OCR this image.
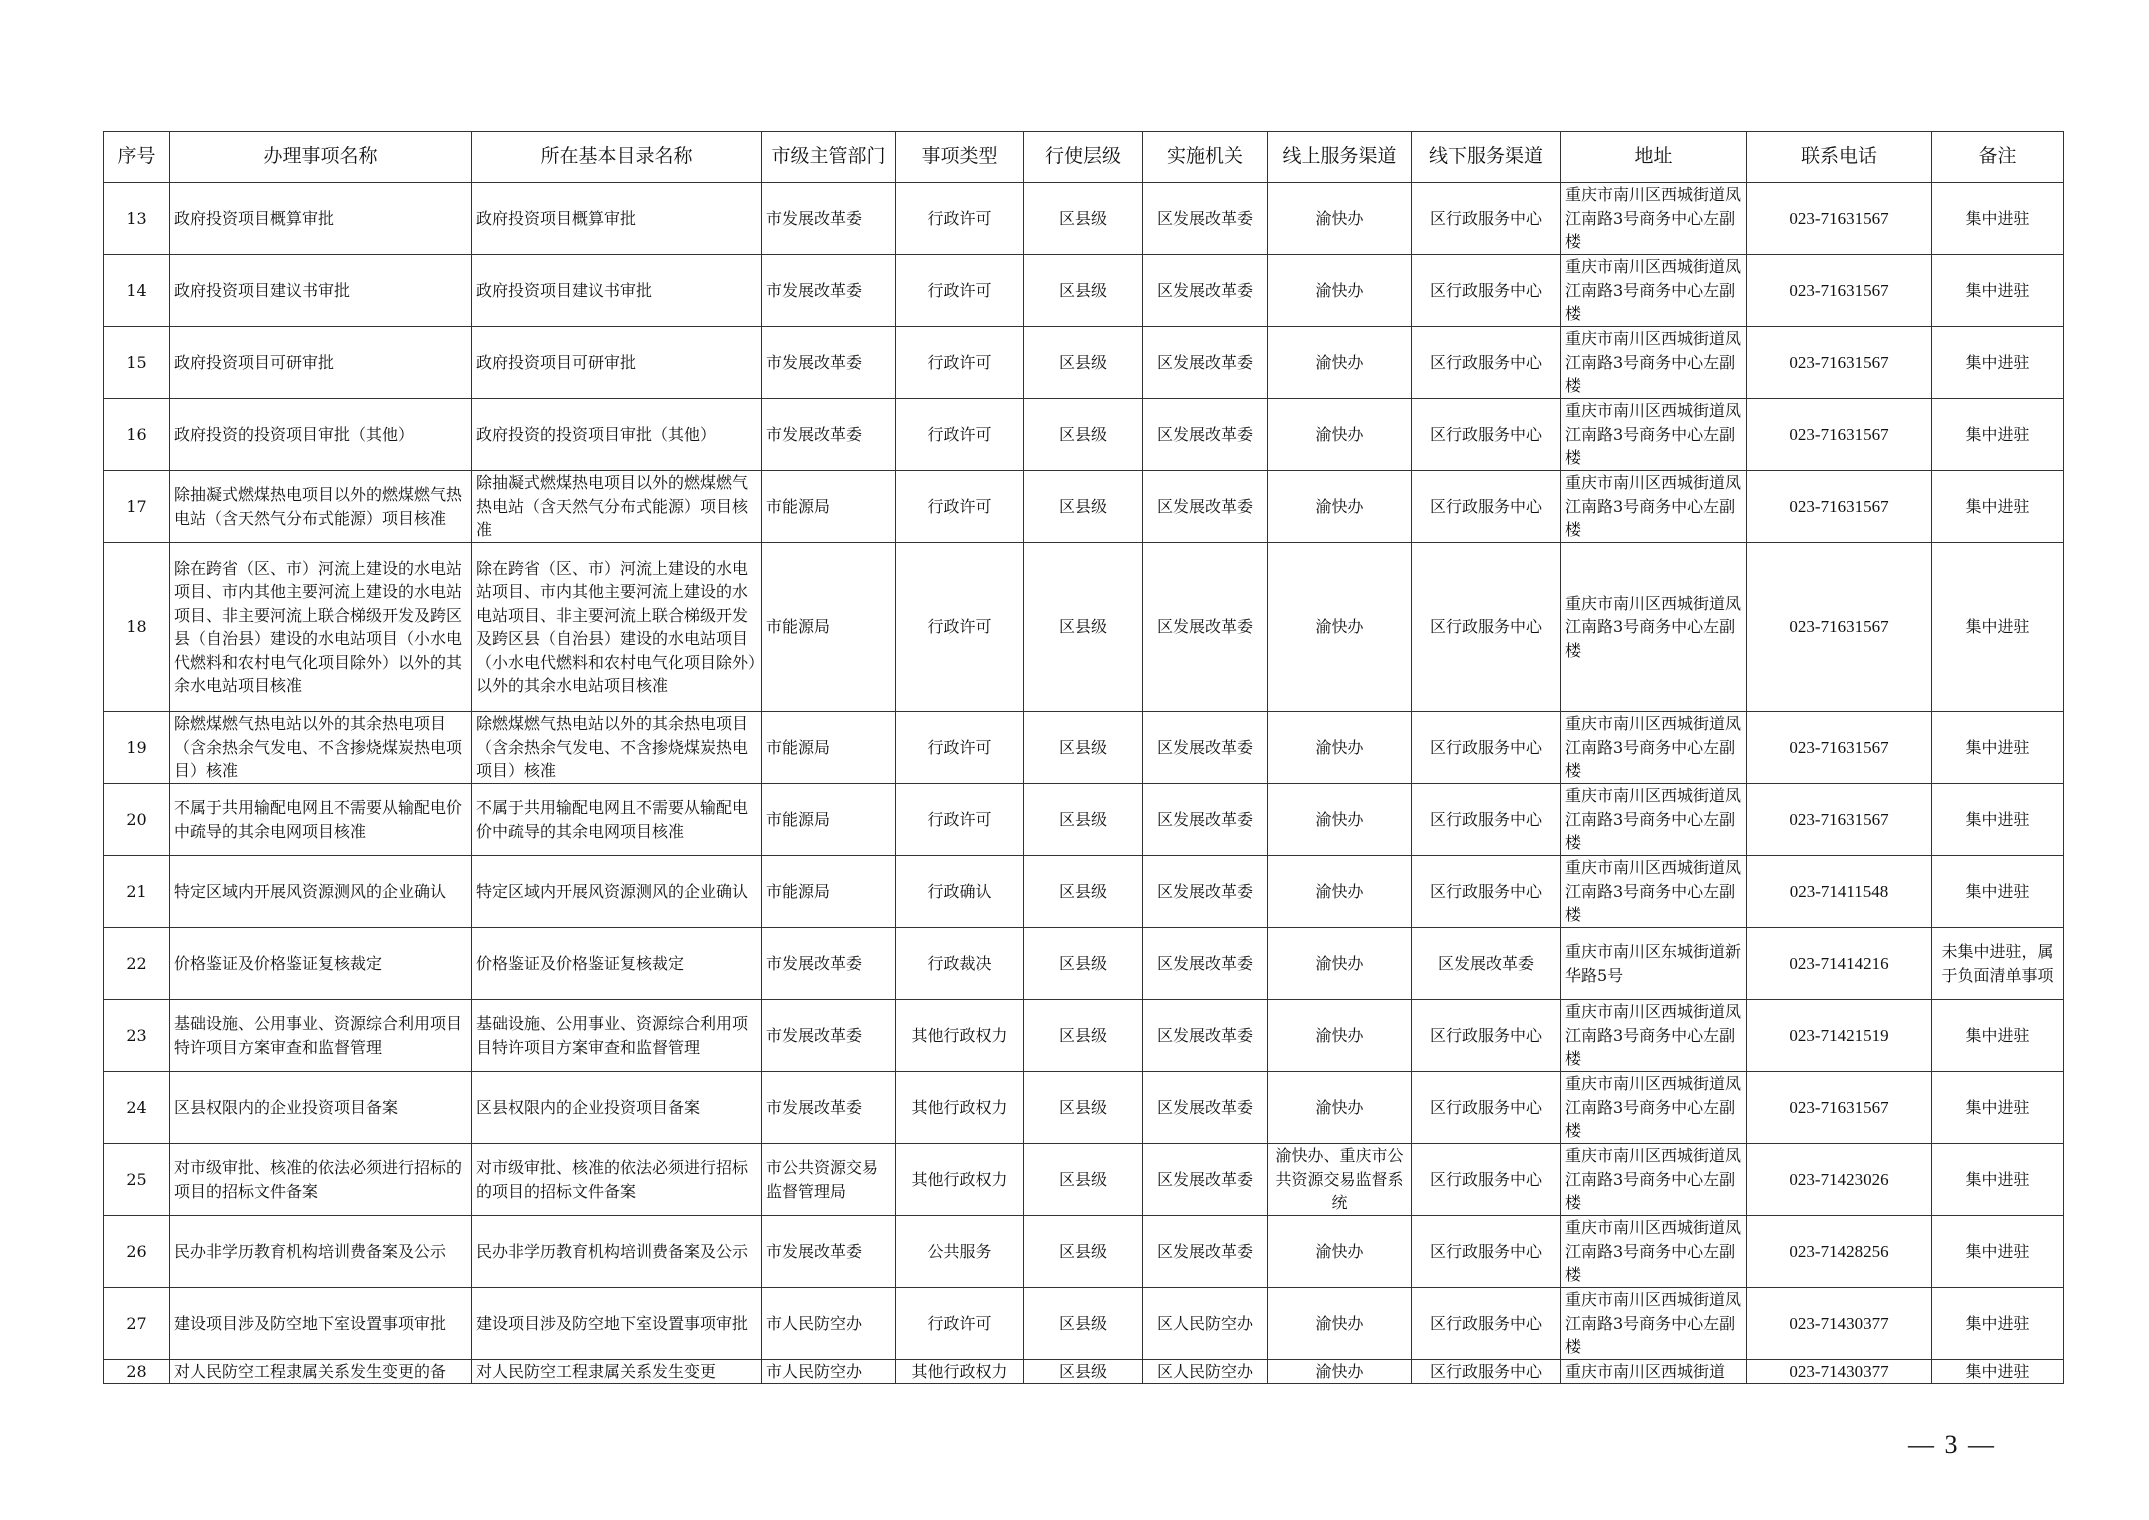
序号	办理事项名称	所在基本目录名称	市级主管部门	事项类型	行使层级	实施机关	线上服务渠道	线下服务渠道	地址	联系电话	备注
13	政府投资项目概算审批	政府投资项目概算审批	市发展改革委	行政许可	区县级	区发展改革委	渝快办	区行政服务中心	重庆市南川区西城街道凤江南路3号商务中心左副楼	023-71631567	集中进驻
14	政府投资项目建议书审批	政府投资项目建议书审批	市发展改革委	行政许可	区县级	区发展改革委	渝快办	区行政服务中心	重庆市南川区西城街道凤江南路3号商务中心左副楼	023-71631567	集中进驻
15	政府投资项目可研审批	政府投资项目可研审批	市发展改革委	行政许可	区县级	区发展改革委	渝快办	区行政服务中心	重庆市南川区西城街道凤江南路3号商务中心左副楼	023-71631567	集中进驻
16	政府投资的投资项目审批（其他）	政府投资的投资项目审批（其他）	市发展改革委	行政许可	区县级	区发展改革委	渝快办	区行政服务中心	重庆市南川区西城街道凤江南路3号商务中心左副楼	023-71631567	集中进驻
17	除抽凝式燃煤热电项目以外的燃煤燃气热电站（含天然气分布式能源）项目核准	除抽凝式燃煤热电项目以外的燃煤燃气热电站（含天然气分布式能源）项目核准	市能源局	行政许可	区县级	区发展改革委	渝快办	区行政服务中心	重庆市南川区西城街道凤江南路3号商务中心左副楼	023-71631567	集中进驻
18	除在跨省（区、市）河流上建设的水电站项目、市内其他主要河流上建设的水电站项目、非主要河流上联合梯级开发及跨区县（自治县）建设的水电站项目（小水电代燃料和农村电气化项目除外）以外的其余水电站项目核准	除在跨省（区、市）河流上建设的水电站项目、市内其他主要河流上建设的水电站项目、非主要河流上联合梯级开发及跨区县（自治县）建设的水电站项目（小水电代燃料和农村电气化项目除外）以外的其余水电站项目核准	市能源局	行政许可	区县级	区发展改革委	渝快办	区行政服务中心	重庆市南川区西城街道凤江南路3号商务中心左副楼	023-71631567	集中进驻
19	除燃煤燃气热电站以外的其余热电项目（含余热余气发电、不含掺烧煤炭热电项目）核准	除燃煤燃气热电站以外的其余热电项目（含余热余气发电、不含掺烧煤炭热电项目）核准	市能源局	行政许可	区县级	区发展改革委	渝快办	区行政服务中心	重庆市南川区西城街道凤江南路3号商务中心左副楼	023-71631567	集中进驻
20	不属于共用输配电网且不需要从输配电价中疏导的其余电网项目核准	不属于共用输配电网且不需要从输配电价中疏导的其余电网项目核准	市能源局	行政许可	区县级	区发展改革委	渝快办	区行政服务中心	重庆市南川区西城街道凤江南路3号商务中心左副楼	023-71631567	集中进驻
21	特定区域内开展风资源测风的企业确认	特定区域内开展风资源测风的企业确认	市能源局	行政确认	区县级	区发展改革委	渝快办	区行政服务中心	重庆市南川区西城街道凤江南路3号商务中心左副楼	023-71411548	集中进驻
22	价格鉴证及价格鉴证复核裁定	价格鉴证及价格鉴证复核裁定	市发展改革委	行政裁决	区县级	区发展改革委	渝快办	区发展改革委	重庆市南川区东城街道新华路5号	023-71414216	未集中进驻，属于负面清单事项
23	基础设施、公用事业、资源综合利用项目特许项目方案审查和监督管理	基础设施、公用事业、资源综合利用项目特许项目方案审查和监督管理	市发展改革委	其他行政权力	区县级	区发展改革委	渝快办	区行政服务中心	重庆市南川区西城街道凤江南路3号商务中心左副楼	023-71421519	集中进驻
24	区县权限内的企业投资项目备案	区县权限内的企业投资项目备案	市发展改革委	其他行政权力	区县级	区发展改革委	渝快办	区行政服务中心	重庆市南川区西城街道凤江南路3号商务中心左副楼	023-71631567	集中进驻
25	对市级审批、核准的依法必须进行招标的项目的招标文件备案	对市级审批、核准的依法必须进行招标的项目的招标文件备案	市公共资源交易监督管理局	其他行政权力	区县级	区发展改革委	渝快办、重庆市公共资源交易监督系统	区行政服务中心	重庆市南川区西城街道凤江南路3号商务中心左副楼	023-71423026	集中进驻
26	民办非学历教育机构培训费备案及公示	民办非学历教育机构培训费备案及公示	市发展改革委	公共服务	区县级	区发展改革委	渝快办	区行政服务中心	重庆市南川区西城街道凤江南路3号商务中心左副楼	023-71428256	集中进驻
27	建设项目涉及防空地下室设置事项审批	建设项目涉及防空地下室设置事项审批	市人民防空办	行政许可	区县级	区人民防空办	渝快办	区行政服务中心	重庆市南川区西城街道凤江南路3号商务中心左副楼	023-71430377	集中进驻
28	对人民防空工程隶属关系发生变更的备	对人民防空工程隶属关系发生变更	市人民防空办	其他行政权力	区县级	区人民防空办	渝快办	区行政服务中心	重庆市南川区西城街道	023-71430377	集中进驻
— 3 —
